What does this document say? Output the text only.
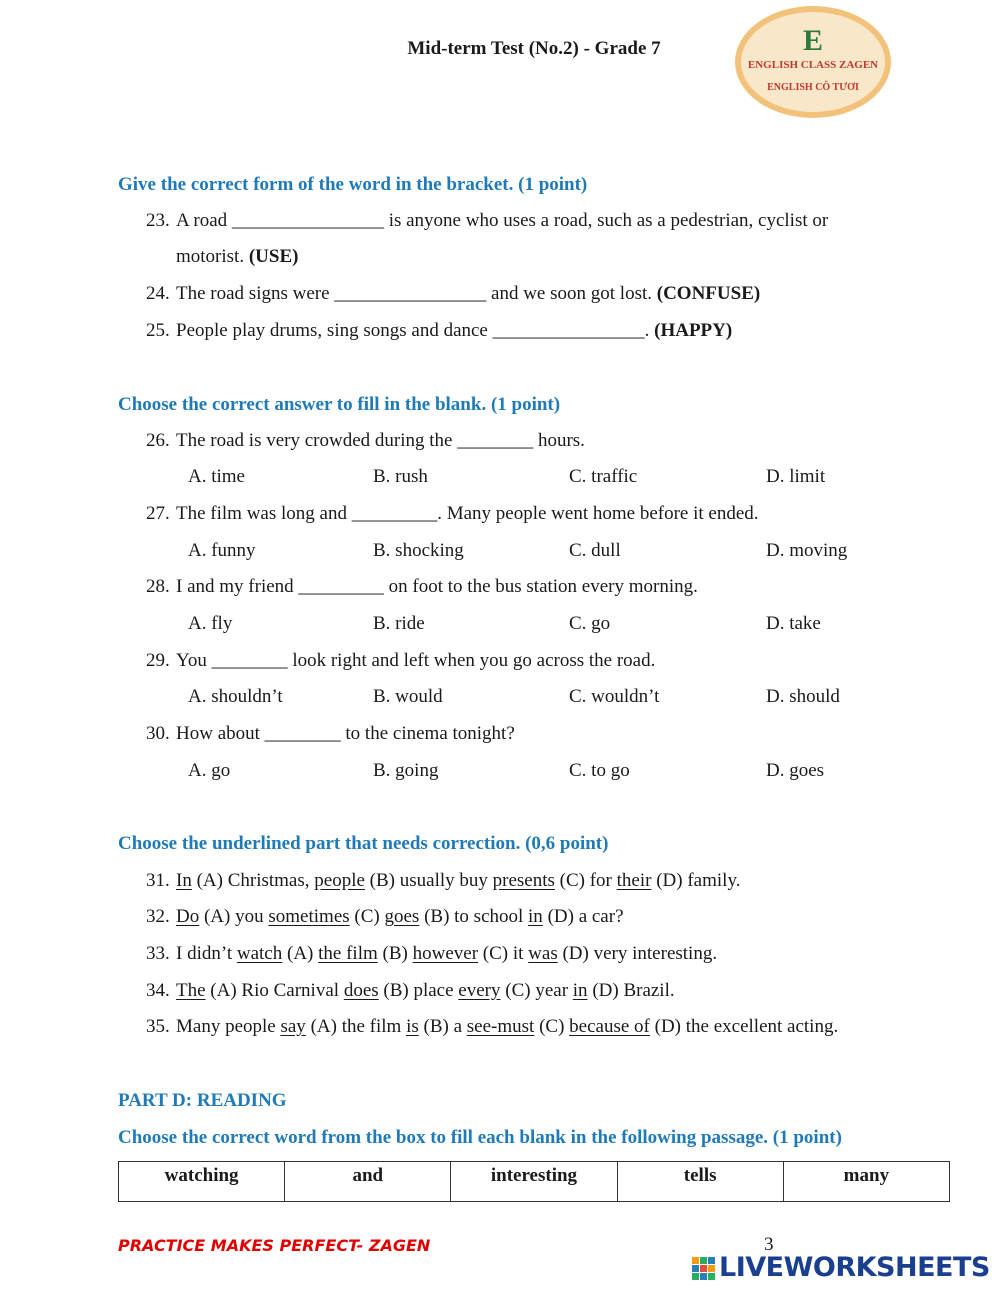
Mid-term Test (No.2) - Grade 7	E
ENGLISH CLASS ZAGEN
ENGLISH CÔ TƯƠI
Give the correct form of the word in the bracket. (1 point)
23. A road ________________ is anyone who uses a road, such as a pedestrian, cyclist or
motorist. (USE)
24. The road signs were ________________ and we soon got lost. (CONFUSE)
25. People play drums, sing songs and dance ________________. (HAPPY)
Choose the correct answer to fill in the blank. (1 point)
26. The road is very crowded during the ________ hours.
A. time	B. rush	C. traffic	D. limit
27. The film was long and _________. Many people went home before it ended.
A. funny	B. shocking	C. dull	D. moving
28. I and my friend _________ on foot to the bus station every morning.
A. fly	B. ride	C. go	D. take
29. You ________ look right and left when you go across the road.
A. shouldn’t	B. would	C. wouldn’t	D. should
30. How about ________ to the cinema tonight?
A. go	B. going	C. to go	D. goes
Choose the underlined part that needs correction. (0,6 point)
31. In (A) Christmas, people (B) usually buy presents (C) for their (D) family.
32. Do (A) you sometimes (C) goes (B) to school in (D) a car?
33. I didn’t watch (A) the film (B) however (C) it was (D) very interesting.
34. The (A) Rio Carnival does (B) place every (C) year in (D) Brazil.
35. Many people say (A) the film is (B) a see-must (C) because of (D) the excellent acting.
PART D: READING
Choose the correct word from the box to fill each blank in the following passage. (1 point)
watching	and	interesting	tells	many
PRACTICE MAKES PERFECT- ZAGEN	3
LIVEWORKSHEETS
